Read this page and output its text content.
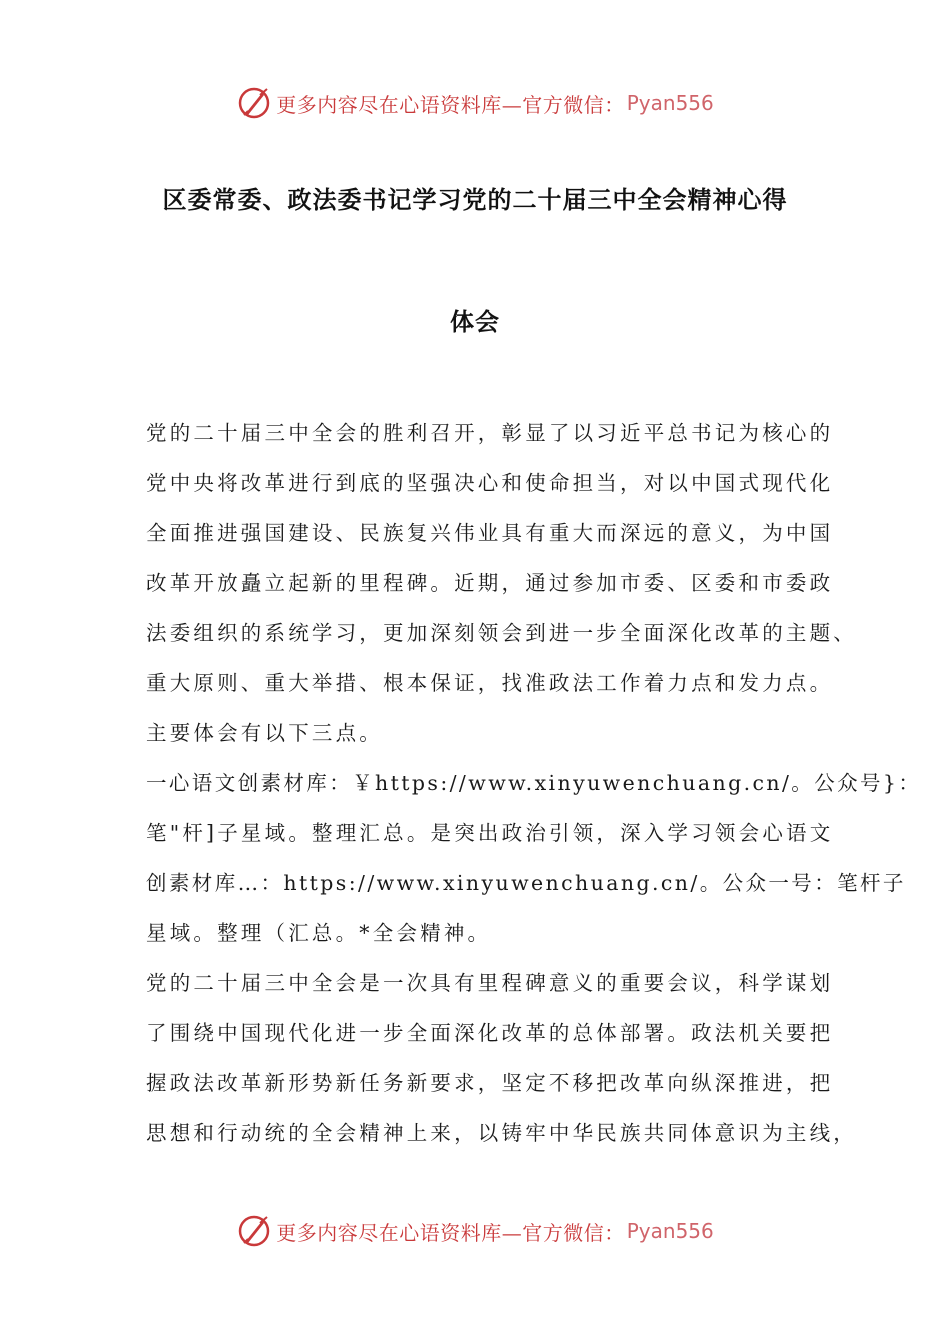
更多内容尽在心语资料库—官方微信： Pyan556
区委常委、政法委书记学习党的二十届三中全会精神心得
体会
党的二十届三中全会的胜利召开，彰显了以习近平总书记为核心的
党中央将改革进行到底的坚强决心和使命担当，对以中国式现代化
全面推进强国建设、民族复兴伟业具有重大而深远的意义，为中国
改革开放矗立起新的里程碑。近期，通过参加市委、区委和市委政
法委组织的系统学习，更加深刻领会到进一步全面深化改革的主题、
重大原则、重大举措、根本保证，找准政法工作着力点和发力点。
主要体会有以下三点。
一心语文创素材库：￥https://www.xinyuwenchuang.cn/。公众号}：
笔"杆]子星域。整理汇总。是突出政治引领，深入学习领会心语文
创素材库…：https://www.xinyuwenchuang.cn/。公众一号：笔杆子
星域。整理（汇总。*全会精神。
党的二十届三中全会是一次具有里程碑意义的重要会议，科学谋划
了围绕中国现代化进一步全面深化改革的总体部署。政法机关要把
握政法改革新形势新任务新要求，坚定不移把改革向纵深推进，把
思想和行动统的全会精神上来，以铸牢中华民族共同体意识为主线，
更多内容尽在心语资料库—官方微信： Pyan556
